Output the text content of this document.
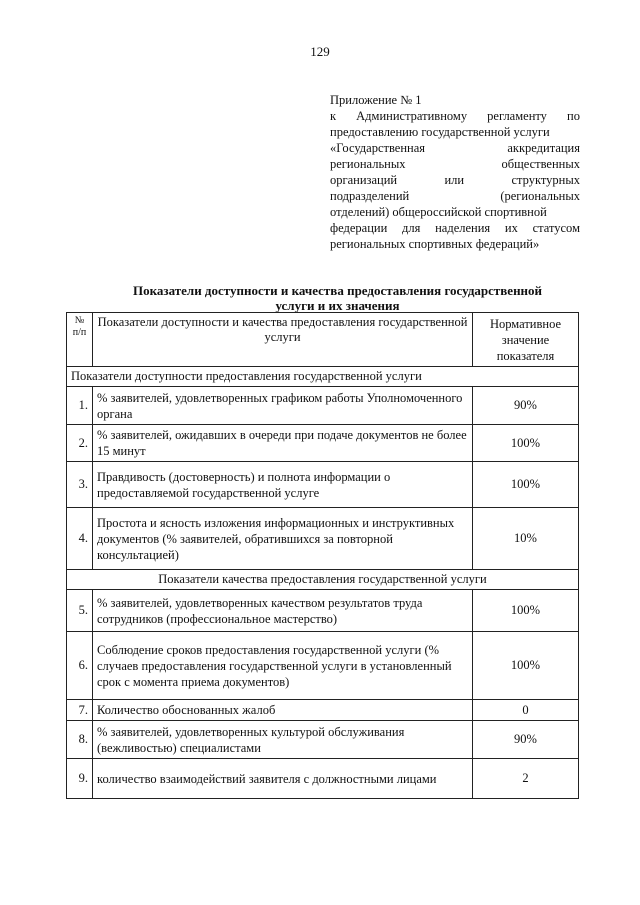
129
Приложение № 1
к Административному регламенту по
предоставлению государственной услуги
«Государственная	аккредитация
региональных	общественных
организаций	или	структурных
подразделений	(региональных
отделений) общероссийской спортивной
федерации для наделения их статусом
региональных спортивных федераций»
Показатели доступности и качества предоставления государственной
услуги и их значения
№ п/п	Показатели доступности и качества предоставления государственной услуги	Нормативное значение показателя
Показатели доступности предоставления государственной услуги		
1.	% заявителей, удовлетворенных графиком работы Уполномоченного органа	90%
2.	% заявителей, ожидавших в очереди при подаче документов не более 15 минут	100%
3.	Правдивость (достоверность) и полнота информации о предоставляемой государственной услуге	100%
4.	Простота и ясность изложения информационных и инструктивных документов (% заявителей, обратившихся за повторной консультацией)	10%
Показатели качества предоставления государственной услуги		
5.	% заявителей, удовлетворенных качеством результатов труда сотрудников (профессиональное мастерство)	100%
6.	Соблюдение сроков предоставления государственной услуги (% случаев предоставления государственной услуги в установленный срок с момента приема документов)	100%
7.	Количество обоснованных жалоб	0
8.	% заявителей, удовлетворенных культурой обслуживания (вежливостью) специалистами	90%
9.	количество взаимодействий заявителя с должностными лицами	2
